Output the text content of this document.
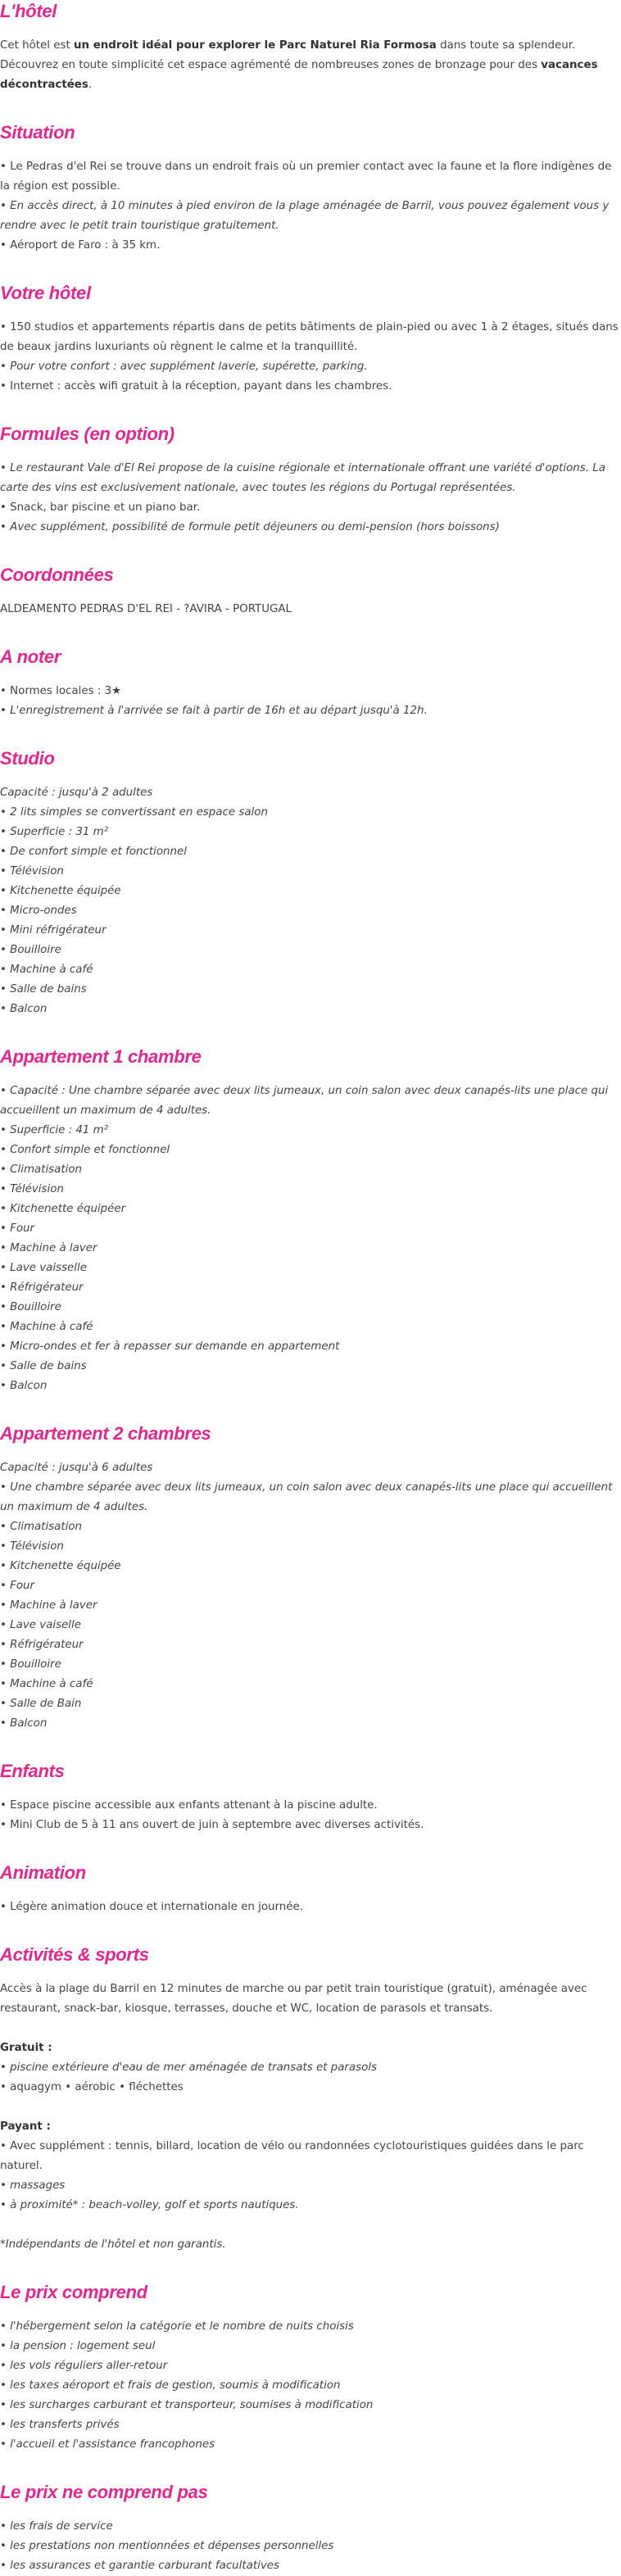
L'hôtel
Cet hôtel est un endroit idéal pour explorer le Parc Naturel Ria Formosa dans toute sa splendeur. Découvrez en toute simplicité cet espace agrémenté de nombreuses zones de bronzage pour des vacances décontractées.
Situation
• Le Pedras d'el Rei se trouve dans un endroit frais où un premier contact avec la faune et la flore indigènes de la région est possible.
• En accès direct, à 10 minutes à pied environ de la plage aménagée de Barril, vous pouvez également vous y rendre avec le petit train touristique gratuitement.
• Aéroport de Faro : à 35 km.
Votre hôtel
• 150 studios et appartements répartis dans de petits bâtiments de plain-pied ou avec 1 à 2 étages, situés dans de beaux jardins luxuriants où règnent le calme et la tranquillité.
• Pour votre confort : avec supplément laverie, supérette, parking.
• Internet : accès wifi gratuit à la réception, payant dans les chambres.
Formules (en option)
• Le restaurant Vale d'El Rei propose de la cuisine régionale et internationale offrant une variété d'options. La carte des vins est exclusivement nationale, avec toutes les régions du Portugal représentées.
• Snack, bar piscine et un piano bar.
• Avec supplément, possibilité de formule petit déjeuners ou demi-pension (hors boissons)
Coordonnées
ALDEAMENTO PEDRAS D'EL REI - ?AVIRA - PORTUGAL
A noter
• Normes locales : 3★
• L'enregistrement à l'arrivée se fait à partir de 16h et au départ jusqu'à 12h.
Studio
Capacité : jusqu'à 2 adultes
• 2 lits simples se convertissant en espace salon
• Superficie : 31 m²
• De confort simple et fonctionnel
• Télévision
• Kitchenette équipée
• Micro-ondes
• Mini réfrigérateur
• Bouilloire
• Machine à café
• Salle de bains
• Balcon
Appartement 1 chambre
• Capacité : Une chambre séparée avec deux lits jumeaux, un coin salon avec deux canapés-lits une place qui accueillent un maximum de 4 adultes.
• Superficie : 41 m²
• Confort simple et fonctionnel
• Climatisation
• Télévision
• Kitchenette équipéer
• Four
• Machine à laver
• Lave vaisselle
• Réfrigérateur
• Bouilloire
• Machine à café
• Micro-ondes et fer à repasser sur demande en appartement
• Salle de bains
• Balcon
Appartement 2 chambres
Capacité : jusqu'à 6 adultes
• Une chambre séparée avec deux lits jumeaux, un coin salon avec deux canapés-lits une place qui accueillent un maximum de 4 adultes.
• Climatisation
• Télévision
• Kitchenette équipée
• Four
• Machine à laver
• Lave vaiselle
• Réfrigérateur
• Bouilloire
• Machine à café
• Salle de Bain
• Balcon
Enfants
• Espace piscine accessible aux enfants attenant à la piscine adulte.
• Mini Club de 5 à 11 ans ouvert de juin à septembre avec diverses activités.
Animation
• Légère animation douce et internationale en journée.
Activités & sports
Accès à la plage du Barril en 12 minutes de marche ou par petit train touristique (gratuit), aménagée avec restaurant, snack-bar, kiosque, terrasses, douche et WC, location de parasols et transats.
Gratuit :
• piscine extérieure d'eau de mer aménagée de transats et parasols
• aquagym • aérobic • fléchettes
Payant :
• Avec supplément : tennis, billard, location de vélo ou randonnées cyclotouristiques guidées dans le parc naturel.
• massages
• à proximité* : beach-volley, golf et sports nautiques.
*Indépendants de l'hôtel et non garantis.
Le prix comprend
• l'hébergement selon la catégorie et le nombre de nuits choisis
• la pension : logement seul
• les vols réguliers aller-retour
• les taxes aéroport et frais de gestion, soumis à modification
• les surcharges carburant et transporteur, soumises à modification
• les transferts privés
• l'accueil et l'assistance francophones
Le prix ne comprend pas
• les frais de service
• les prestations non mentionnées et dépenses personnelles
• les assurances et garantie carburant facultatives
